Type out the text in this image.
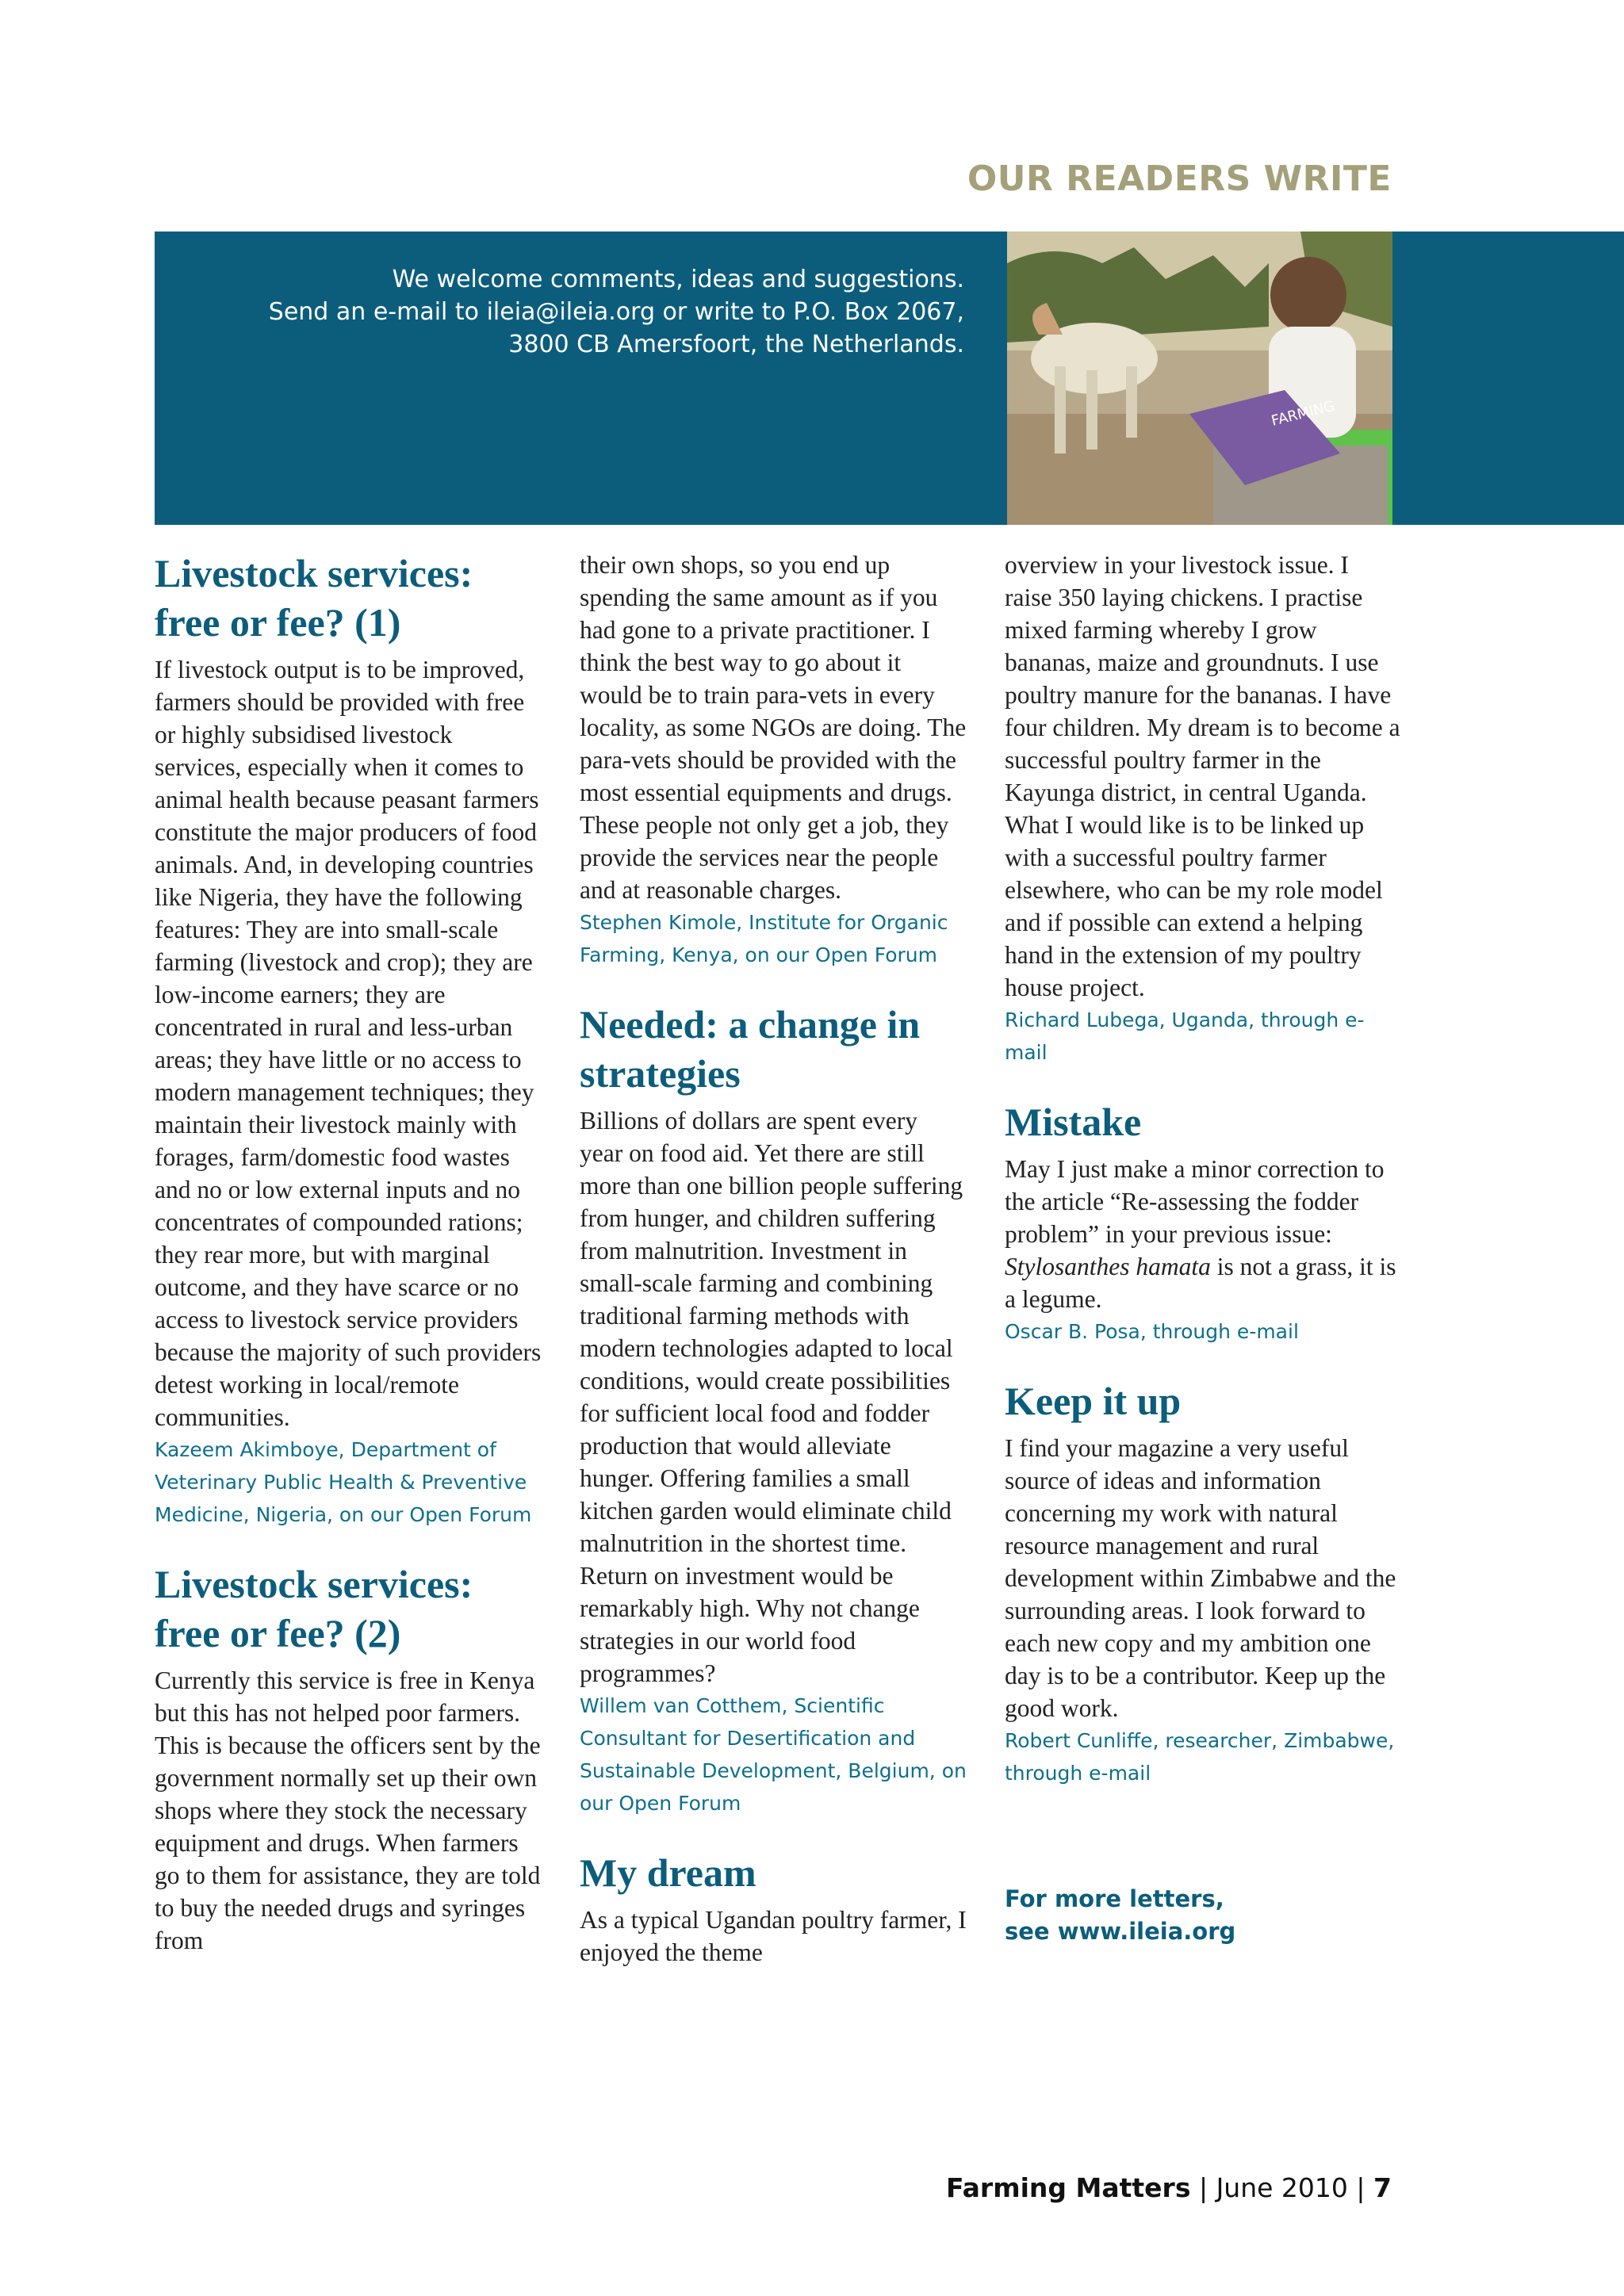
OUR READERS WRITE
We welcome comments, ideas and suggestions.
Send an e-mail to ileia@ileia.org or write to P.O. Box 2067,
3800 CB Amersfoort, the Netherlands.
FARMING
Livestock services: free or fee? (1)

If livestock output is to be improved, farmers should be provided with free or highly subsidised livestock services, especially when it comes to animal health because peasant farmers constitute the major producers of food animals. And, in developing countries like Nigeria, they have the following features: They are into small-scale farming (livestock and crop); they are low-income earners; they are concentrated in rural and less-urban areas; they have little or no access to modern management techniques; they maintain their livestock mainly with forages, farm/domestic food wastes and no or low external inputs and no concentrates of compounded rations; they rear more, but with marginal outcome, and they have scarce or no access to livestock service providers because the majority of such providers detest working in local/remote communities.

Kazeem Akimboye, Department of Veterinary Public Health & Preventive Medicine, Nigeria, on our Open Forum

Livestock services: free or fee? (2)

Currently this service is free in Kenya but this has not helped poor farmers. This is because the officers sent by the government normally set up their own shops where they stock the necessary equipment and drugs. When farmers go to them for assistance, they are told to buy the needed drugs and syringes from

their own shops, so you end up spending the same amount as if you had gone to a private practitioner. I think the best way to go about it would be to train para-vets in every locality, as some NGOs are doing. The para-vets should be provided with the most essential equipments and drugs. These people not only get a job, they provide the services near the people and at reasonable charges.

Stephen Kimole, Institute for Organic Farming, Kenya, on our Open Forum

Needed: a change in strategies

Billions of dollars are spent every year on food aid. Yet there are still more than one billion people suffering from hunger, and children suffering from malnutrition. Investment in small-scale farming and combining traditional farming methods with modern technologies adapted to local conditions, would create possibilities for sufficient local food and fodder production that would alleviate hunger. Offering families a small kitchen garden would eliminate child malnutrition in the shortest time. Return on investment would be remarkably high. Why not change strategies in our world food programmes?

Willem van Cotthem, Scientific Consultant for Desertification and Sustainable Development, Belgium, on our Open Forum

My dream

As a typical Ugandan poultry farmer, I enjoyed the theme

overview in your livestock issue. I raise 350 laying chickens. I practise mixed farming whereby I grow bananas, maize and groundnuts. I use poultry manure for the bananas. I have four children. My dream is to become a successful poultry farmer in the Kayunga district, in central Uganda. What I would like is to be linked up with a successful poultry farmer elsewhere, who can be my role model and if possible can extend a helping hand in the extension of my poultry house project.

Richard Lubega, Uganda, through e-mail

Mistake

May I just make a minor correction to the article “Re-assessing the fodder problem” in your previous issue: Stylosanthes hamata is not a grass, it is a legume.

Oscar B. Posa, through e-mail

Keep it up

I find your magazine a very useful source of ideas and information concerning my work with natural resource management and rural development within Zimbabwe and the surrounding areas. I look forward to each new copy and my ambition one day is to be a contributor. Keep up the good work.

Robert Cunliffe, researcher, Zimbabwe, through e-mail

For more letters,

see www.ileia.org

Farming Matters | June 2010 | 7
